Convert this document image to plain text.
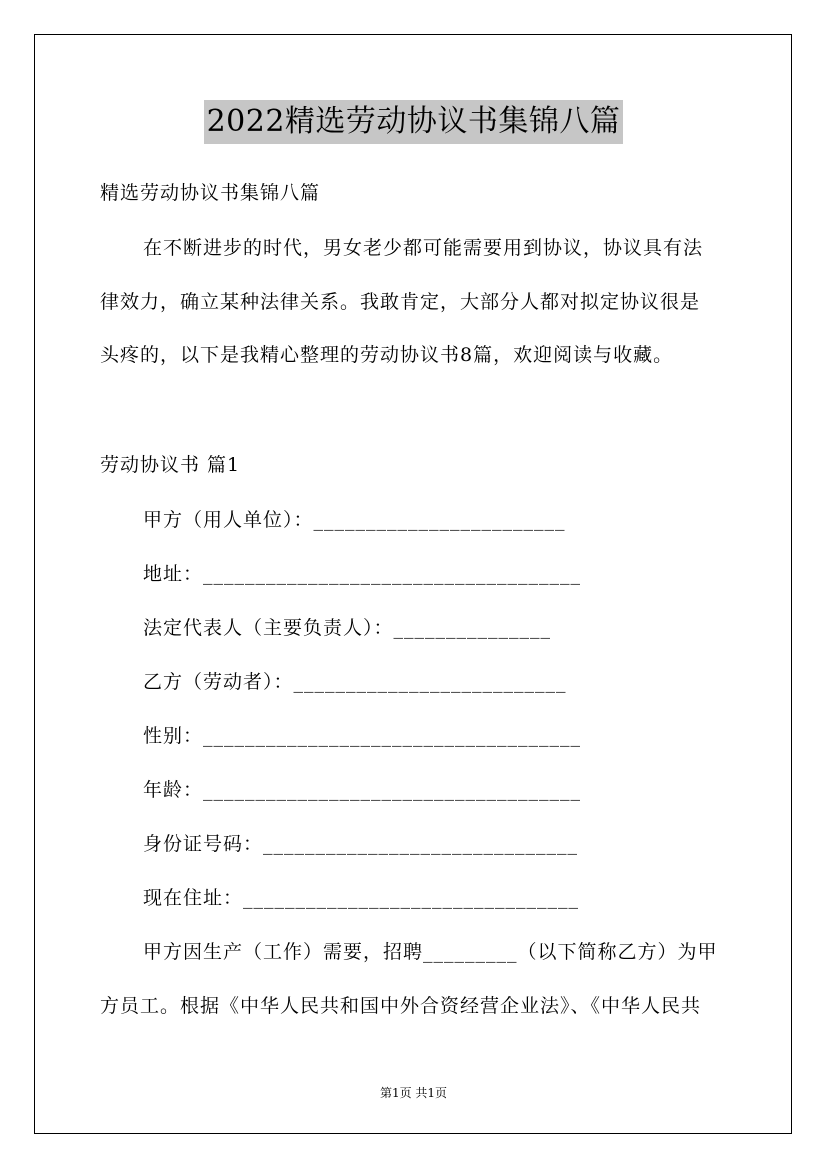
2022精选劳动协议书集锦八篇
精选劳动协议书集锦八篇
在不断进步的时代，男女老少都可能需要用到协议，协议具有法
律效力，确立某种法律关系。我敢肯定，大部分人都对拟定协议很是
头疼的，以下是我精心整理的劳动协议书8篇，欢迎阅读与收藏。
劳动协议书 篇1
甲方（用人单位）：________________________
地址：____________________________________
法定代表人（主要负责人）：_______________
乙方（劳动者）：__________________________
性别：____________________________________
年龄：____________________________________
身份证号码：______________________________
现在住址：________________________________
甲方因生产（工作）需要，招聘_________（以下简称乙方）为甲
方员工。根据《中华人民共和国中外合资经营企业法》、《中华人民共
第1页 共1页
